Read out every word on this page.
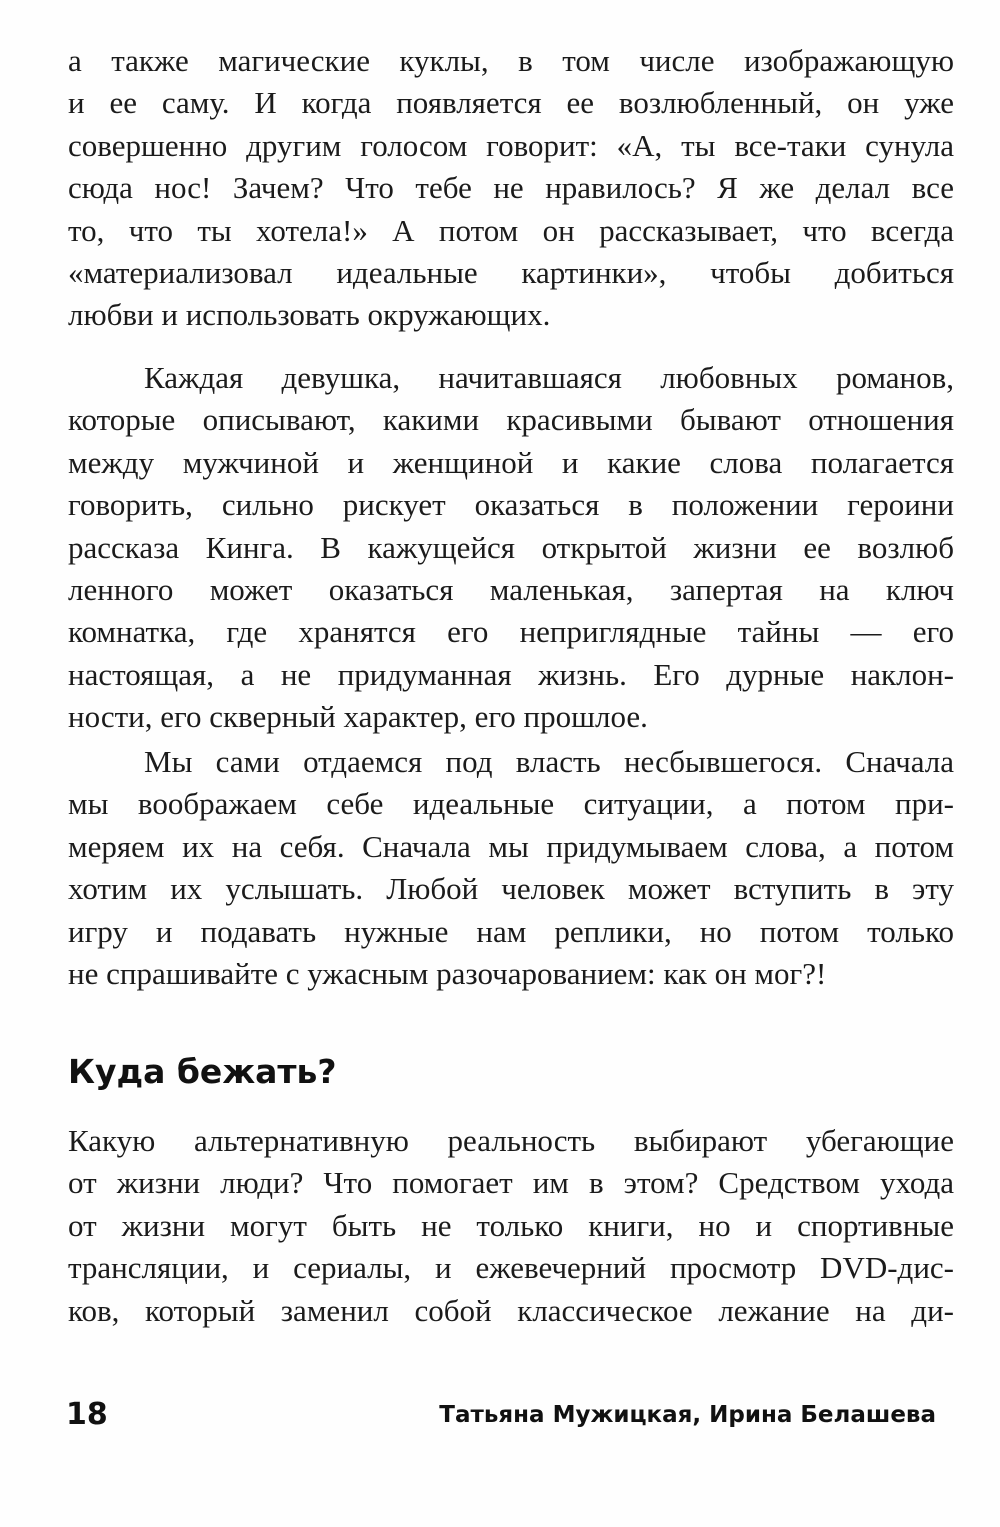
а также магические куклы, в том числе изображающую
и ее саму. И когда появляется ее возлюбленный, он уже
совершенно другим голосом говорит: «А, ты все-таки сунула
сюда нос! Зачем? Что тебе не нравилось? Я же делал все
то, что ты хотела!» А потом он рассказывает, что всегда
«материализовал идеальные картинки», чтобы добиться
любви и использовать окружающих.
Каждая девушка, начитавшаяся любовных романов,
которые описывают, какими красивыми бывают отношения
между мужчиной и женщиной и какие слова полагается
говорить, сильно рискует оказаться в положении героини
рассказа Кинга. В кажущейся открытой жизни ее возлюб
ленного может оказаться маленькая, запертая на ключ
комнатка, где хранятся его неприглядные тайны — его
настоящая, а не придуманная жизнь. Его дурные наклон-
ности, его скверный характер, его прошлое.
Мы сами отдаемся под власть несбывшегося. Сначала
мы воображаем себе идеальные ситуации, а потом при-
меряем их на себя. Сначала мы придумываем слова, а потом
хотим их услышать. Любой человек может вступить в эту
игру и подавать нужные нам реплики, но потом только
не спрашивайте с ужасным разочарованием: как он мог?!
Куда бежать?
Какую альтернативную реальность выбирают убегающие
от жизни люди? Что помогает им в этом? Средством ухода
от жизни могут быть не только книги, но и спортивные
трансляции, и сериалы, и ежевечерний просмотр DVD-дис-
ков, который заменил собой классическое лежание на ди-
18	Татьяна Мужицкая, Ирина Белашева
